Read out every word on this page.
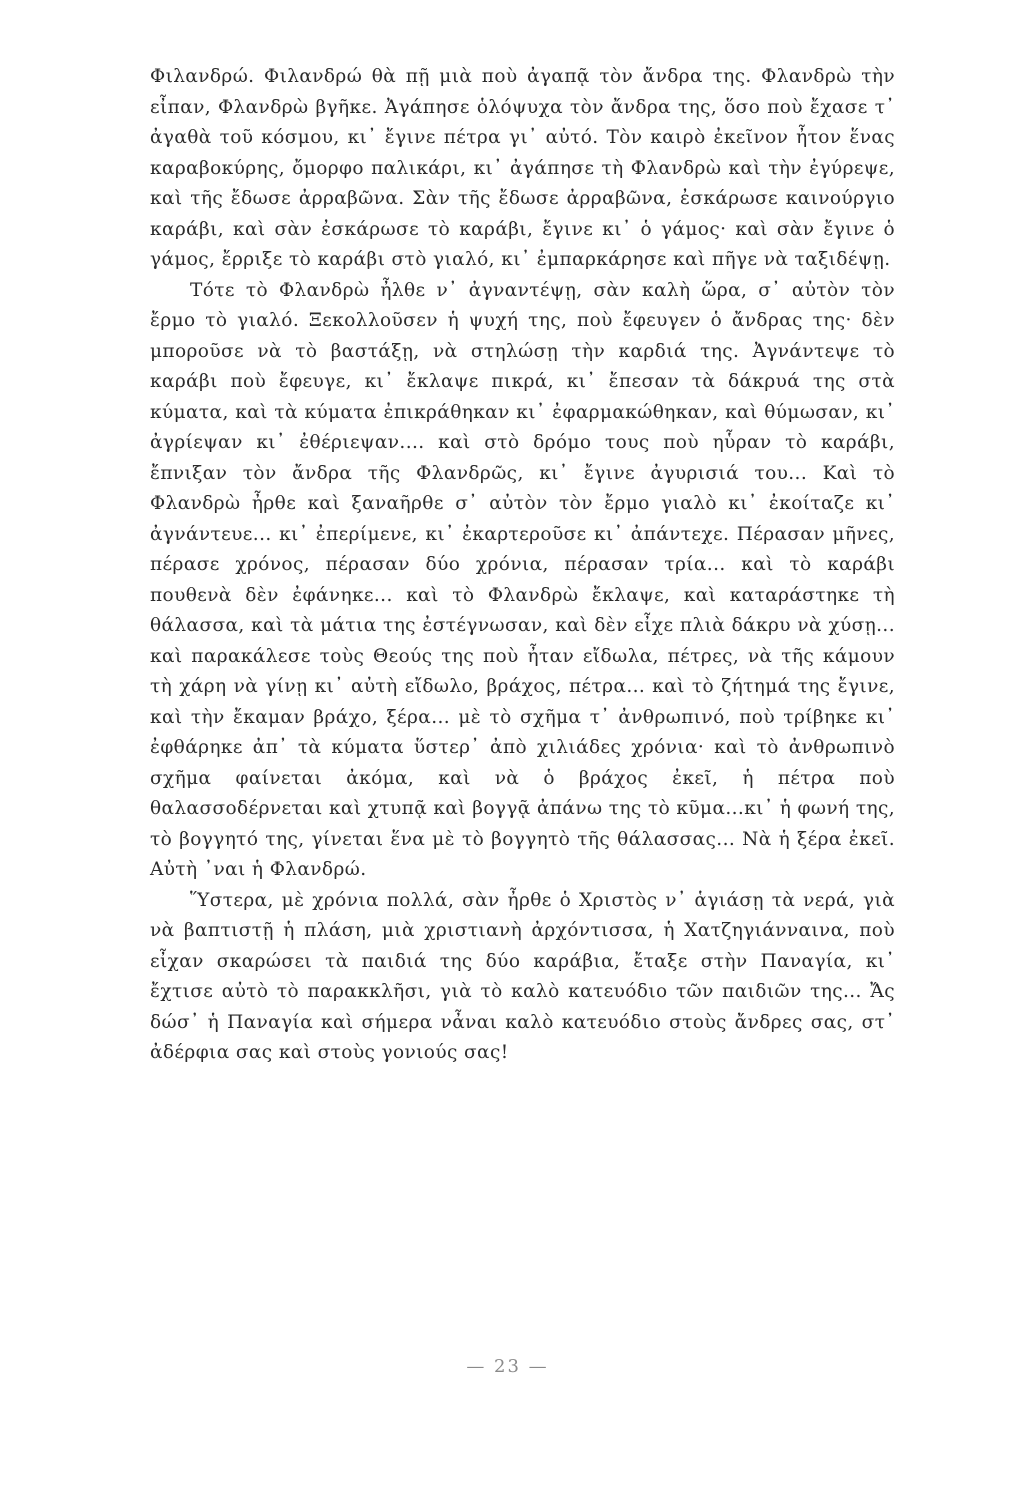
Φιλανδρώ. Φιλανδρώ θὰ πῇ μιὰ ποὺ ἀγαπᾷ τὸν ἄνδρα της. Φλανδρὼ τὴν εἶπαν, Φλανδρὼ βγῆκε. Ἀγάπησε ὁλόψυχα τὸν ἄνδρα της, ὅσο ποὺ ἔχασε τ᾽ ἀγαθὰ τοῦ κόσμου, κι᾽ ἔγινε πέτρα γι᾽ αὐτό. Τὸν καιρὸ ἐκεῖνον ἦτον ἕνας καραβοκύρης, ὄμορφο παλικάρι, κι᾽ ἀγάπησε τὴ Φλανδρὼ καὶ τὴν ἐγύρεψε, καὶ τῆς ἔδωσε ἀρραβῶνα. Σὰν τῆς ἔδωσε ἀρραβῶνα, ἐσκάρωσε καινούργιο καράβι, καὶ σὰν ἐσκάρωσε τὸ καράβι, ἔγινε κι᾽ ὁ γάμος· καὶ σὰν ἔγινε ὁ γάμος, ἔρριξε τὸ καράβι στὸ γιαλό, κι᾽ ἐμπαρκάρησε καὶ πῆγε νὰ ταξιδέψῃ.

Τότε τὸ Φλανδρὼ ἦλθε ν᾽ ἀγναντέψῃ, σὰν καλὴ ὥρα, σ᾽ αὐτὸν τὸν ἔρμο τὸ γιαλό. Ξεκολλοῦσεν ἡ ψυχή της, ποὺ ἔφευγεν ὁ ἄνδρας της· δὲν μποροῦσε νὰ τὸ βαστάξῃ, νὰ στηλώσῃ τὴν καρδιά της. Ἀγνάντεψε τὸ καράβι ποὺ ἔφευγε, κι᾽ ἔκλαψε πικρά, κι᾽ ἔπεσαν τὰ δάκρυά της στὰ κύματα, καὶ τὰ κύματα ἐπικράθηκαν κι᾽ ἐφαρμακώθηκαν, καὶ θύμωσαν, κι᾽ ἀγρίεψαν κι᾽ ἐθέριεψαν.... καὶ στὸ δρόμο τους ποὺ ηὗραν τὸ καράβι, ἔπνιξαν τὸν ἄνδρα τῆς Φλανδρῶς, κι᾽ ἔγινε ἀγυρισιά του... Καὶ τὸ Φλανδρὼ ἦρθε καὶ ξαναῆρθε σ᾽ αὐτὸν τὸν ἔρμο γιαλὸ κι᾽ ἐκοίταζε κι᾽ ἀγνάντευε... κι᾽ ἐπερίμενε, κι᾽ ἐκαρτεροῦσε κι᾽ ἀπάντεχε. Πέρασαν μῆνες, πέρασε χρόνος, πέρασαν δύο χρόνια, πέρασαν τρία... καὶ τὸ καράβι πουθενὰ δὲν ἐφάνηκε... καὶ τὸ Φλανδρὼ ἔκλαψε, καὶ καταράστηκε τὴ θάλασσα, καὶ τὰ μάτια της ἐστέγνωσαν, καὶ δὲν εἶχε πλιὰ δάκρυ νὰ χύσῃ... καὶ παρακάλεσε τοὺς Θεούς της ποὺ ἦταν εἴδωλα, πέτρες, νὰ τῆς κάμουν τὴ χάρη νὰ γίνῃ κι᾽ αὐτὴ εἴδωλο, βράχος, πέτρα... καὶ τὸ ζήτημά της ἔγινε, καὶ τὴν ἔκαμαν βράχο, ξέρα... μὲ τὸ σχῆμα τ᾽ ἀνθρωπινό, ποὺ τρίβηκε κι᾽ ἐφθάρηκε ἀπ᾽ τὰ κύματα ὕστερ᾽ ἀπὸ χιλιάδες χρόνια· καὶ τὸ ἀνθρωπινὸ σχῆμα φαίνεται ἀκόμα, καὶ νὰ ὁ βράχος ἐκεῖ, ἡ πέτρα ποὺ θαλασσοδέρνεται καὶ χτυπᾷ καὶ βογγᾷ ἀπάνω της τὸ κῦμα...κι᾽ ἡ φωνή της, τὸ βογγητό της, γίνεται ἕνα μὲ τὸ βογγητὸ τῆς θάλασσας... Νὰ ἡ ξέρα ἐκεῖ. Αὐτὴ ᾽ναι ἡ Φλανδρώ.

Ὕστερα, μὲ χρόνια πολλά, σὰν ἦρθε ὁ Χριστὸς ν᾽ ἁγιάσῃ τὰ νερά, γιὰ νὰ βαπτιστῇ ἡ πλάση, μιὰ χριστιανὴ ἀρχόντισσα, ἡ Χατζηγιάνναινα, ποὺ εἶχαν σκαρώσει τὰ παιδιά της δύο καράβια, ἔταξε στὴν Παναγία, κι᾽ ἔχτισε αὐτὸ τὸ παρακκλῆσι, γιὰ τὸ καλὸ κατευόδιο τῶν παιδιῶν της... Ἄς δώσ᾽ ἡ Παναγία καὶ σήμερα νἆναι καλὸ κατευόδιο στοὺς ἄνδρες σας, στ᾽ ἀδέρφια σας καὶ στοὺς γονιούς σας!

— 23 —
